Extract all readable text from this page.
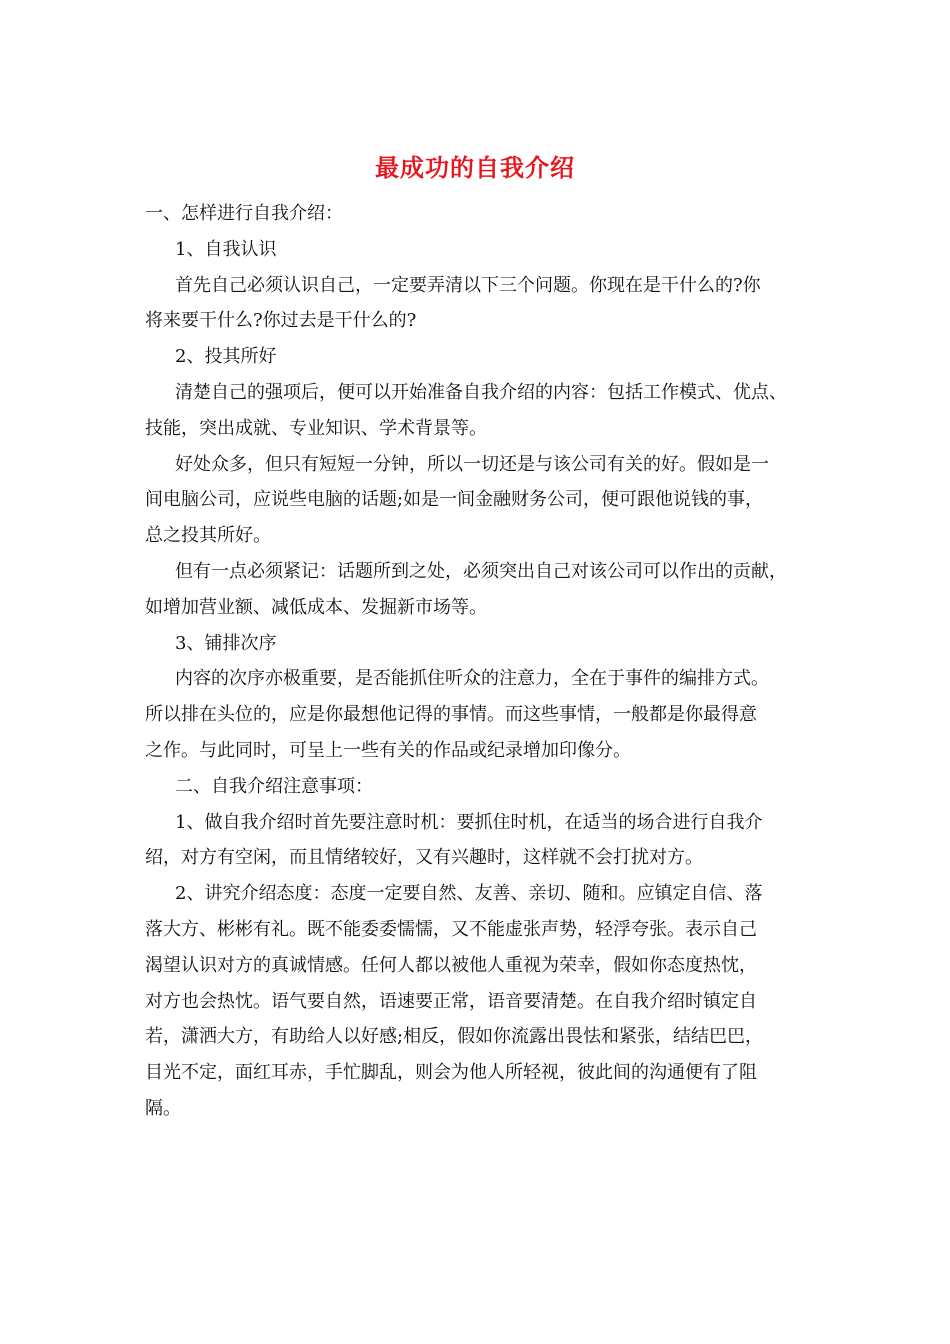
最成功的自我介绍
一、怎样进行自我介绍：
1、自我认识
首先自己必须认识自己，一定要弄清以下三个问题。你现在是干什么的?你
将来要干什么?你过去是干什么的?
2、投其所好
清楚自己的强项后，便可以开始准备自我介绍的内容：包括工作模式、优点、
技能，突出成就、专业知识、学术背景等。
好处众多，但只有短短一分钟，所以一切还是与该公司有关的好。假如是一
间电脑公司，应说些电脑的话题;如是一间金融财务公司，便可跟他说钱的事，
总之投其所好。
但有一点必须紧记：话题所到之处，必须突出自己对该公司可以作出的贡献，
如增加营业额、减低成本、发掘新市场等。
3、铺排次序
内容的次序亦极重要，是否能抓住听众的注意力，全在于事件的编排方式。
所以排在头位的，应是你最想他记得的事情。而这些事情，一般都是你最得意
之作。与此同时，可呈上一些有关的作品或纪录增加印像分。
二、自我介绍注意事项：
1、做自我介绍时首先要注意时机：要抓住时机，在适当的场合进行自我介
绍，对方有空闲，而且情绪较好，又有兴趣时，这样就不会打扰对方。
2、讲究介绍态度：态度一定要自然、友善、亲切、随和。应镇定自信、落
落大方、彬彬有礼。既不能委委懦懦，又不能虚张声势，轻浮夸张。表示自己
渴望认识对方的真诚情感。任何人都以被他人重视为荣幸，假如你态度热忱，
对方也会热忱。语气要自然，语速要正常，语音要清楚。在自我介绍时镇定自
若，潇洒大方，有助给人以好感;相反，假如你流露出畏怯和紧张，结结巴巴，
目光不定，面红耳赤，手忙脚乱，则会为他人所轻视，彼此间的沟通便有了阻
隔。
